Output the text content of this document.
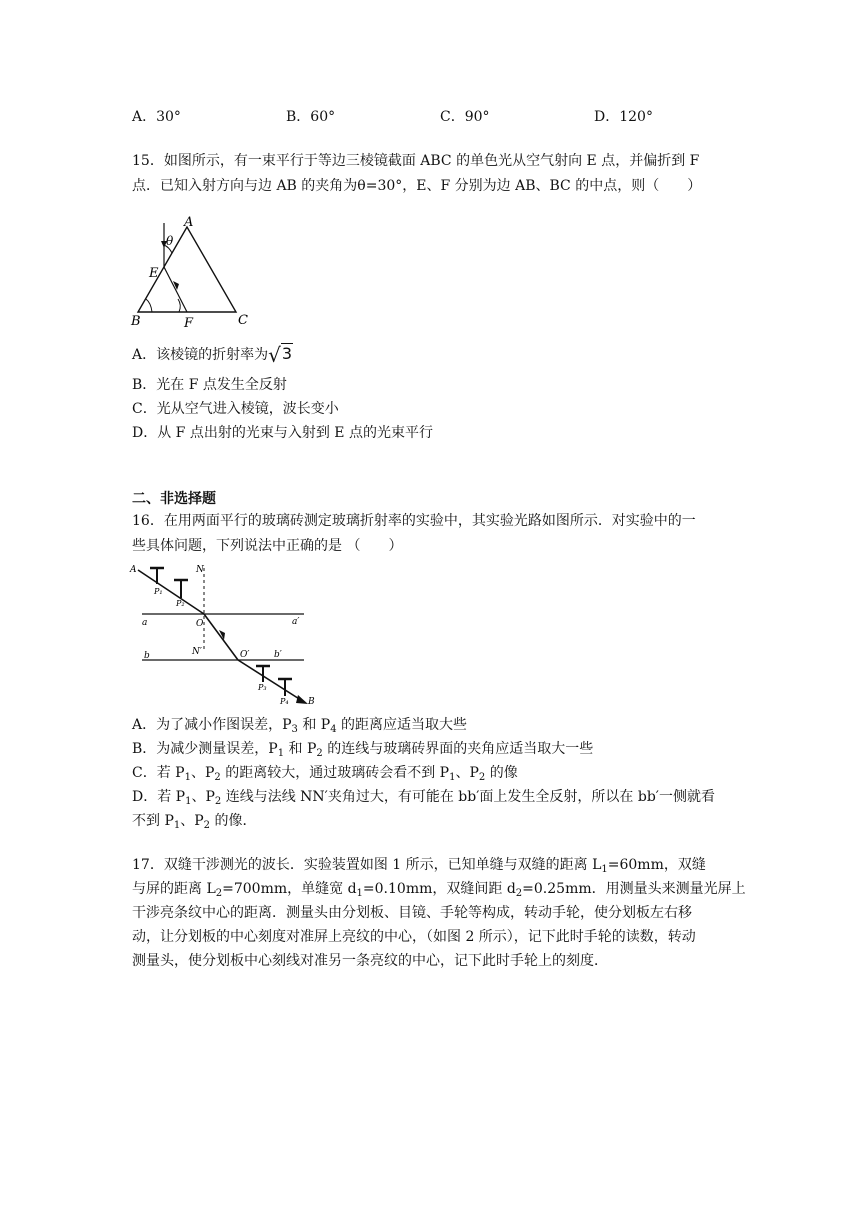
A．30°	B．60°	C．90°	D．120°
15．如图所示，有一束平行于等边三棱镜截面 ABC 的单色光从空气射向 E 点，并偏折到 F
点．已知入射方向与边 AB 的夹角为θ=30°，E、F 分别为边 AB、BC 的中点，则（　　）
A
θ
E
B	F	C
A．该棱镜的折射率为√3
B．光在 F 点发生全反射
C．光从空气进入棱镜，波长变小
D．从 F 点出射的光束与入射到 E 点的光束平行
二、非选择题
16．在用两面平行的玻璃砖测定玻璃折射率的实验中，其实验光路如图所示．对实验中的一
些具体问题，下列说法中正确的是 （　　）
A	N
P₁
P₂
a	O	a′
b	N′	O′	b′
P₃
P₄ B
A．为了减小作图误差，$P_3$ 和 $P_4$ 的距离应适当取大些
B．为减少测量误差，$P_1$ 和 $P_2$ 的连线与玻璃砖界面的夹角应适当取大一些
C．若 $P_1$、$P_2$ 的距离较大，通过玻璃砖会看不到 $P_1$、$P_2$ 的像
D．若 $P_1$、$P_2$ 连线与法线 NN′夹角过大，有可能在 bb′面上发生全反射，所以在 bb′一侧就看
不到 $P_1$、$P_2$ 的像．
17．双缝干涉测光的波长．实验装置如图 1 所示，已知单缝与双缝的距离 $L_1=60mm$，双缝
与屏的距离 $L_2=700mm$，单缝宽 $d_1=0.10mm$，双缝间距 $d_2=0.25mm$．用测量头来测量光屏上
干涉亮条纹中心的距离．测量头由分划板、目镜、手轮等构成，转动手轮，使分划板左右移
动，让分划板的中心刻度对准屏上亮纹的中心，（如图 2 所示），记下此时手轮的读数，转动
测量头，使分划板中心刻线对准另一条亮纹的中心，记下此时手轮上的刻度．
